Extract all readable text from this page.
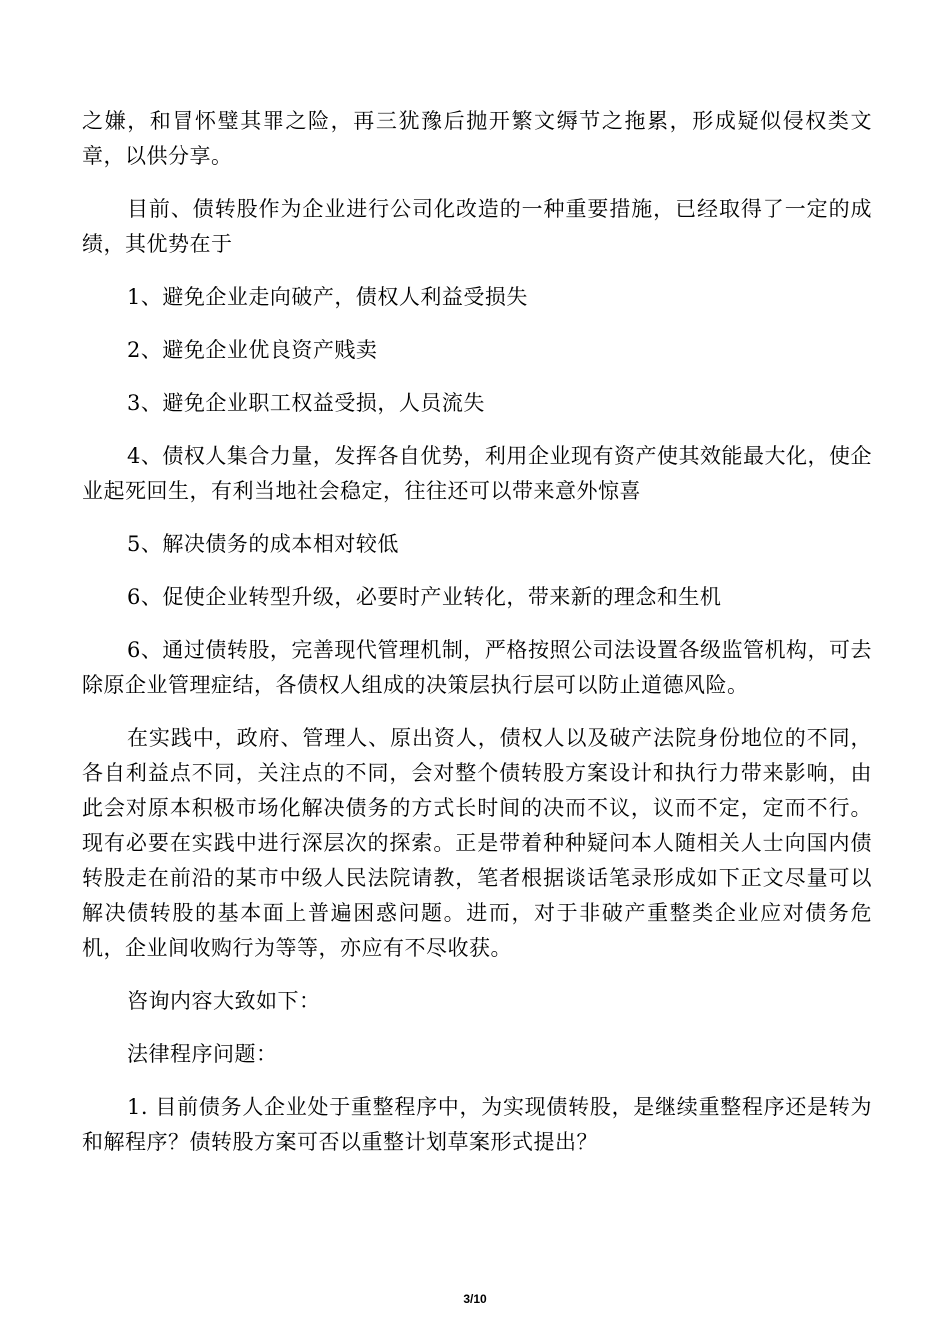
之嫌，和冒怀璧其罪之险，再三犹豫后抛开繁文缛节之拖累，形成疑似侵权类文章，以供分享。

目前、债转股作为企业进行公司化改造的一种重要措施，已经取得了一定的成绩，其优势在于

1、避免企业走向破产，债权人利益受损失

2、避免企业优良资产贱卖

3、避免企业职工权益受损，人员流失

4、债权人集合力量，发挥各自优势，利用企业现有资产使其效能最大化，使企业起死回生，有利当地社会稳定，往往还可以带来意外惊喜

5、解决债务的成本相对较低

6、促使企业转型升级，必要时产业转化，带来新的理念和生机

6、通过债转股，完善现代管理机制，严格按照公司法设置各级监管机构，可去除原企业管理症结，各债权人组成的决策层执行层可以防止道德风险。

在实践中，政府、管理人、原出资人，债权人以及破产法院身份地位的不同，各自利益点不同，关注点的不同，会对整个债转股方案设计和执行力带来影响，由此会对原本积极市场化解决债务的方式长时间的决而不议，议而不定，定而不行。现有必要在实践中进行深层次的探索。正是带着种种疑问本人随相关人士向国内债转股走在前沿的某市中级人民法院请教，笔者根据谈话笔录形成如下正文尽量可以解决债转股的基本面上普遍困惑问题。进而，对于非破产重整类企业应对债务危机，企业间收购行为等等，亦应有不尽收获。

咨询内容大致如下：

法律程序问题：

1. 目前债务人企业处于重整程序中，为实现债转股，是继续重整程序还是转为和解程序？债转股方案可否以重整计划草案形式提出？

3/10
